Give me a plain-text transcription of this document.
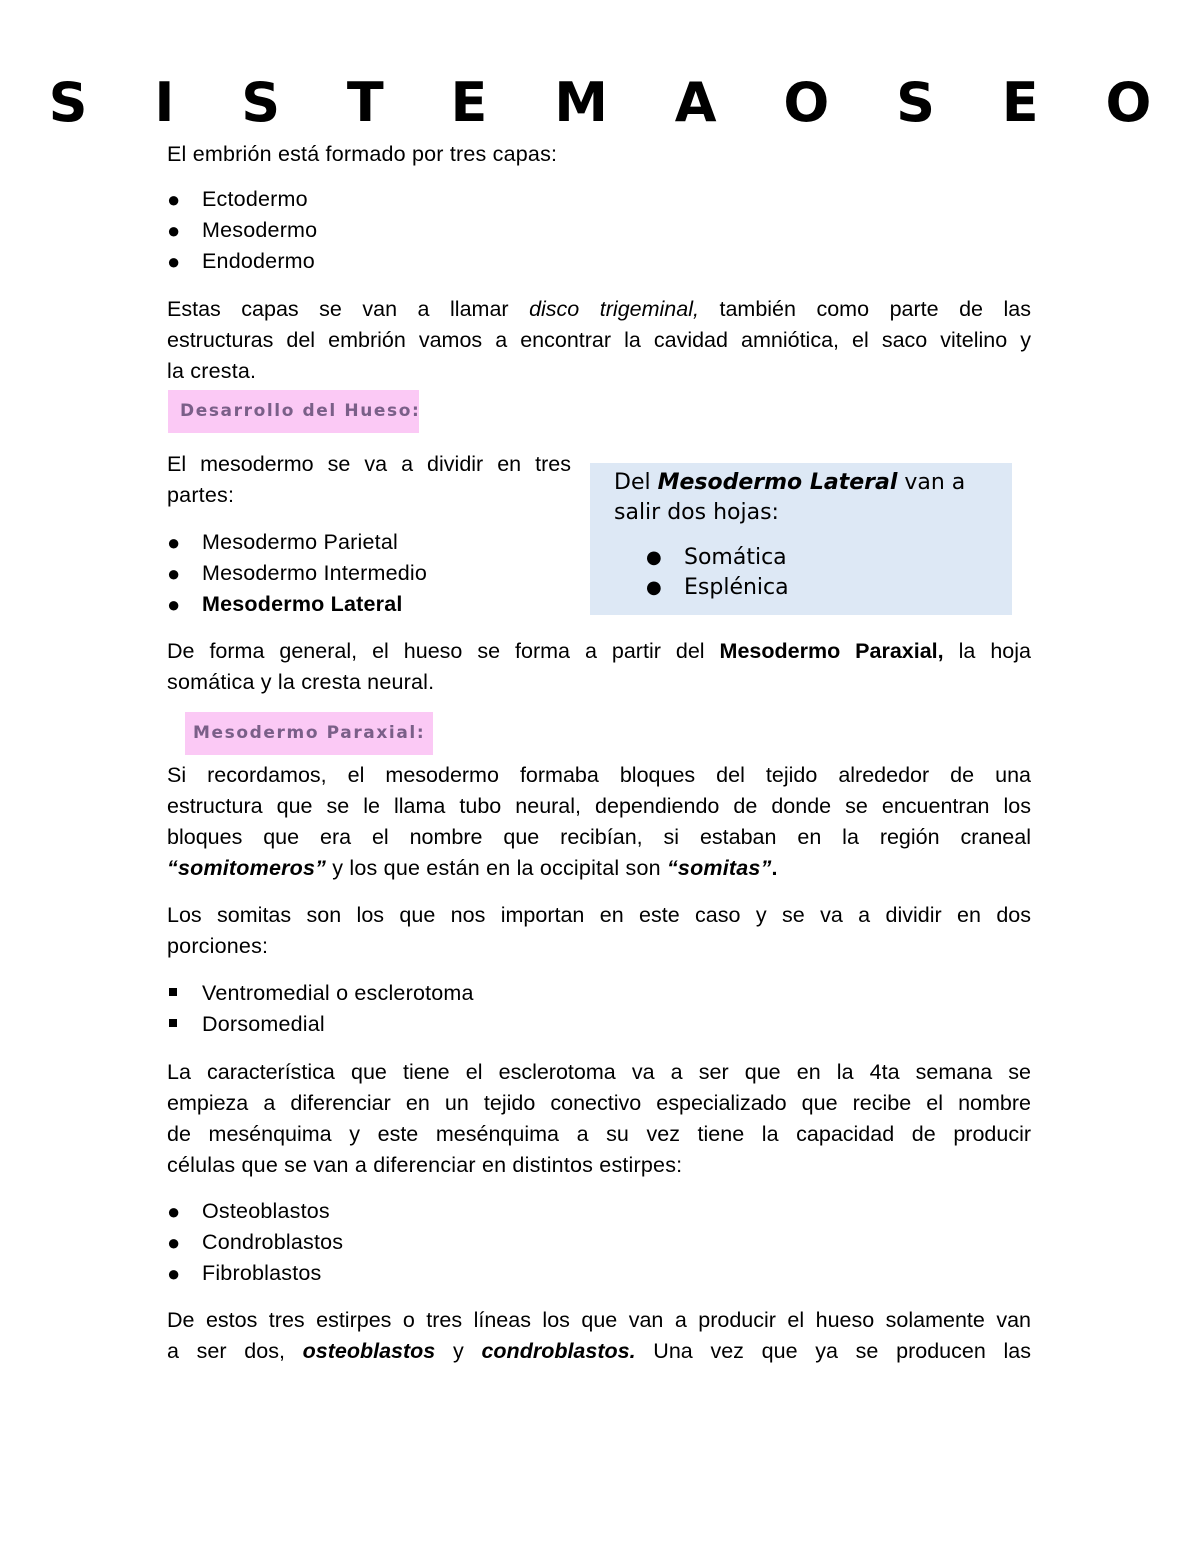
S I S T E M A O S E O
El embrión está formado por tres capas:
● Ectodermo
● Mesodermo
● Endodermo
Estas capas se van a llamar disco trigeminal, también como parte de las
estructuras del embrión vamos a encontrar la cavidad amniótica, el saco vitelino y
la cresta.
Desarrollo del Hueso:
El mesodermo se va a dividir en tres
partes:
● Mesodermo Parietal
● Mesodermo Intermedio
● Mesodermo Lateral
Del Mesodermo Lateral van a
salir dos hojas:
● Somática
● Esplénica
De forma general, el hueso se forma a partir del Mesodermo Paraxial, la hoja
somática y la cresta neural.
Mesodermo Paraxial:
Si recordamos, el mesodermo formaba bloques del tejido alrededor de una
estructura que se le llama tubo neural, dependiendo de donde se encuentran los
bloques que era el nombre que recibían, si estaban en la región craneal
“somitomeros” y los que están en la occipital son “somitas”.
Los somitas son los que nos importan en este caso y se va a dividir en dos
porciones:
Ventromedial o esclerotoma
Dorsomedial
La característica que tiene el esclerotoma va a ser que en la 4ta semana se
empieza a diferenciar en un tejido conectivo especializado que recibe el nombre
de mesénquima y este mesénquima a su vez tiene la capacidad de producir
células que se van a diferenciar en distintos estirpes:
● Osteoblastos
● Condroblastos
● Fibroblastos
De estos tres estirpes o tres líneas los que van a producir el hueso solamente van
a ser dos, osteoblastos y condroblastos. Una vez que ya se producen las
